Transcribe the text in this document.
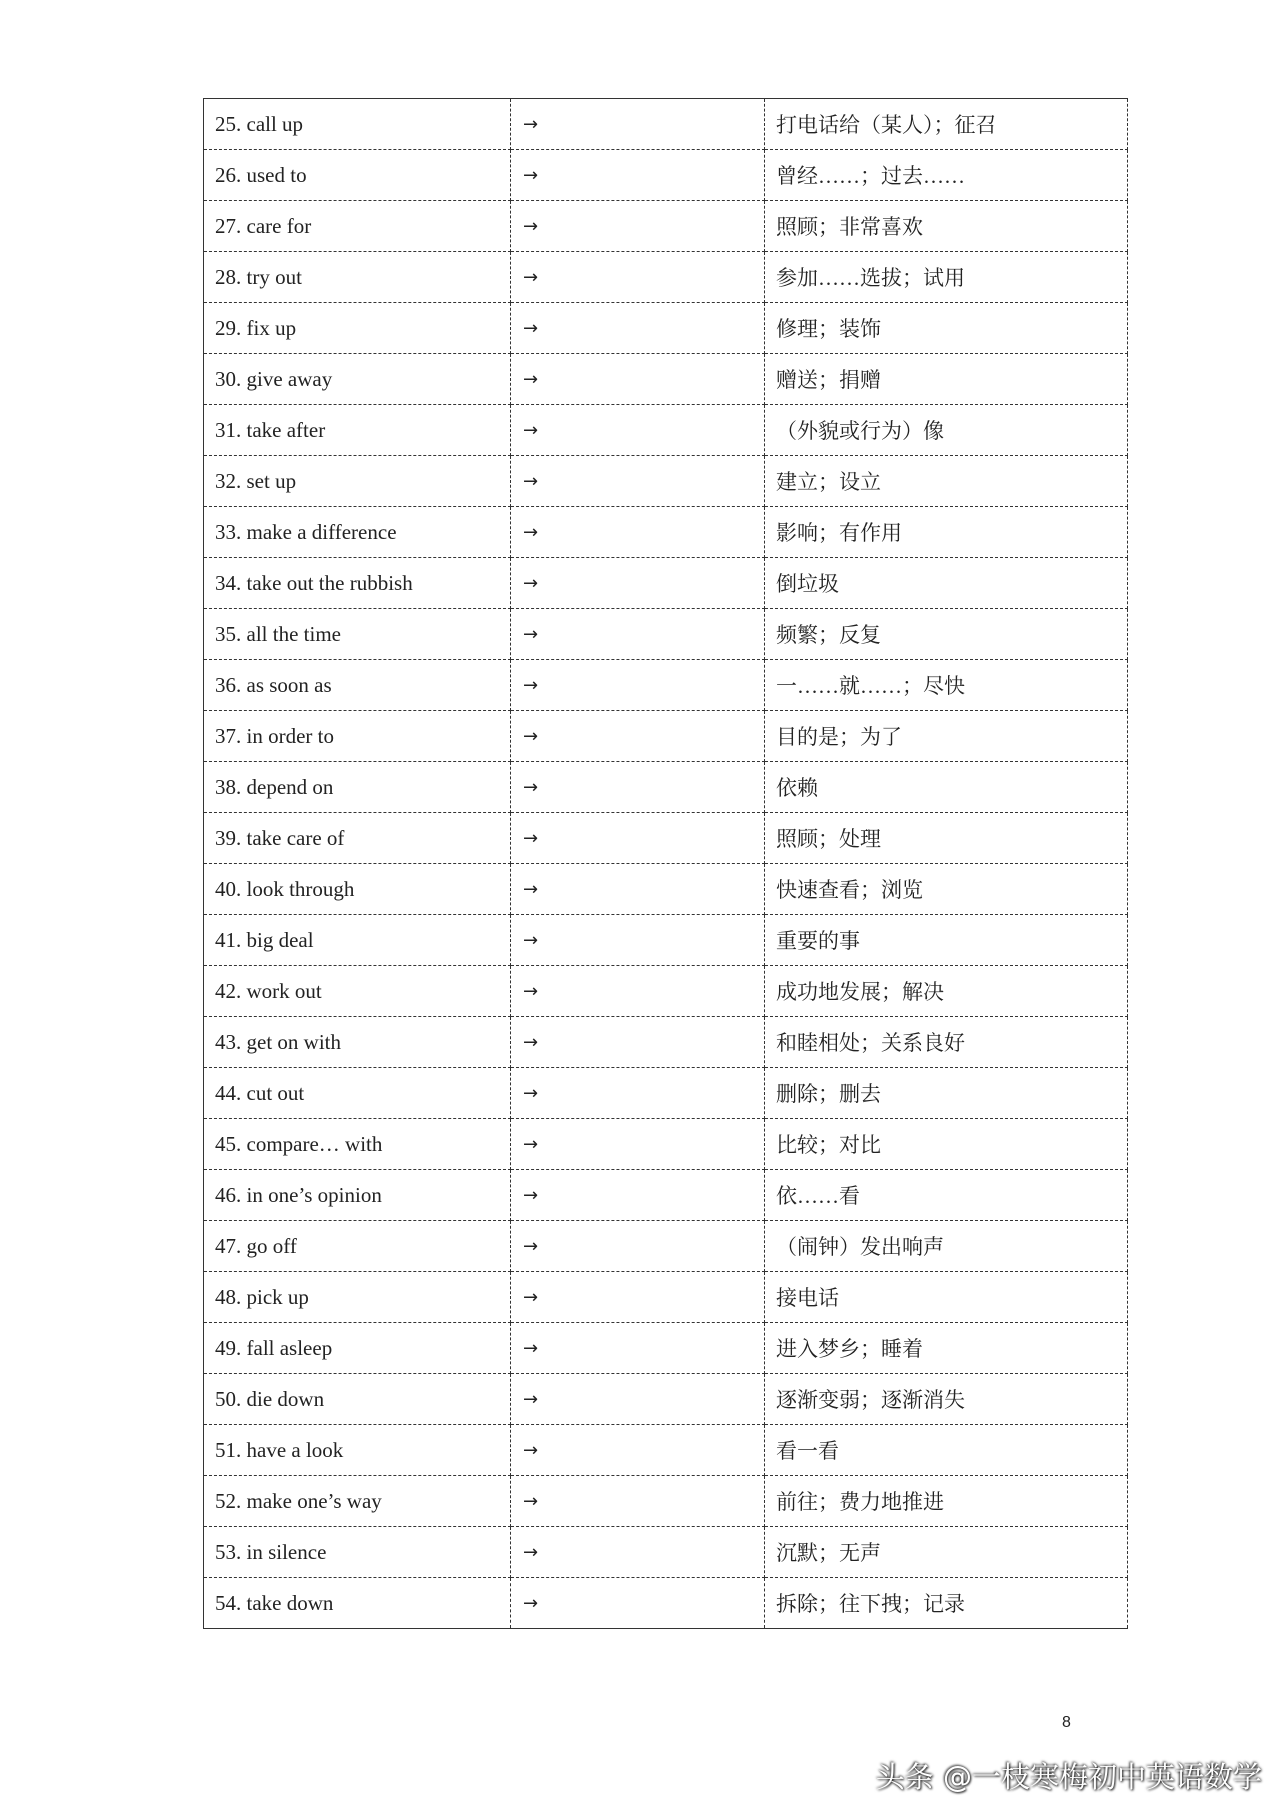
25. call up	→	打电话给（某人）；征召
26. used to	→	曾经……；过去……
27. care for	→	照顾；非常喜欢
28. try out	→	参加……选拔；试用
29. fix up	→	修理；装饰
30. give away	→	赠送；捐赠
31. take after	→	（外貌或行为）像
32. set up	→	建立；设立
33. make a difference	→	影响；有作用
34. take out the rubbish	→	倒垃圾
35. all the time	→	频繁；反复
36. as soon as	→	一……就……；尽快
37. in order to	→	目的是；为了
38. depend on	→	依赖
39. take care of	→	照顾；处理
40. look through	→	快速查看；浏览
41. big deal	→	重要的事
42. work out	→	成功地发展；解决
43. get on with	→	和睦相处；关系良好
44. cut out	→	删除；删去
45. compare… with	→	比较；对比
46. in one’s opinion	→	依……看
47. go off	→	（闹钟）发出响声
48. pick up	→	接电话
49. fall asleep	→	进入梦乡；睡着
50. die down	→	逐渐变弱；逐渐消失
51. have a look	→	看一看
52. make one’s way	→	前往；费力地推进
53. in silence	→	沉默；无声
54. take down	→	拆除；往下拽；记录
8
头条 @一枝寒梅初中英语数学
